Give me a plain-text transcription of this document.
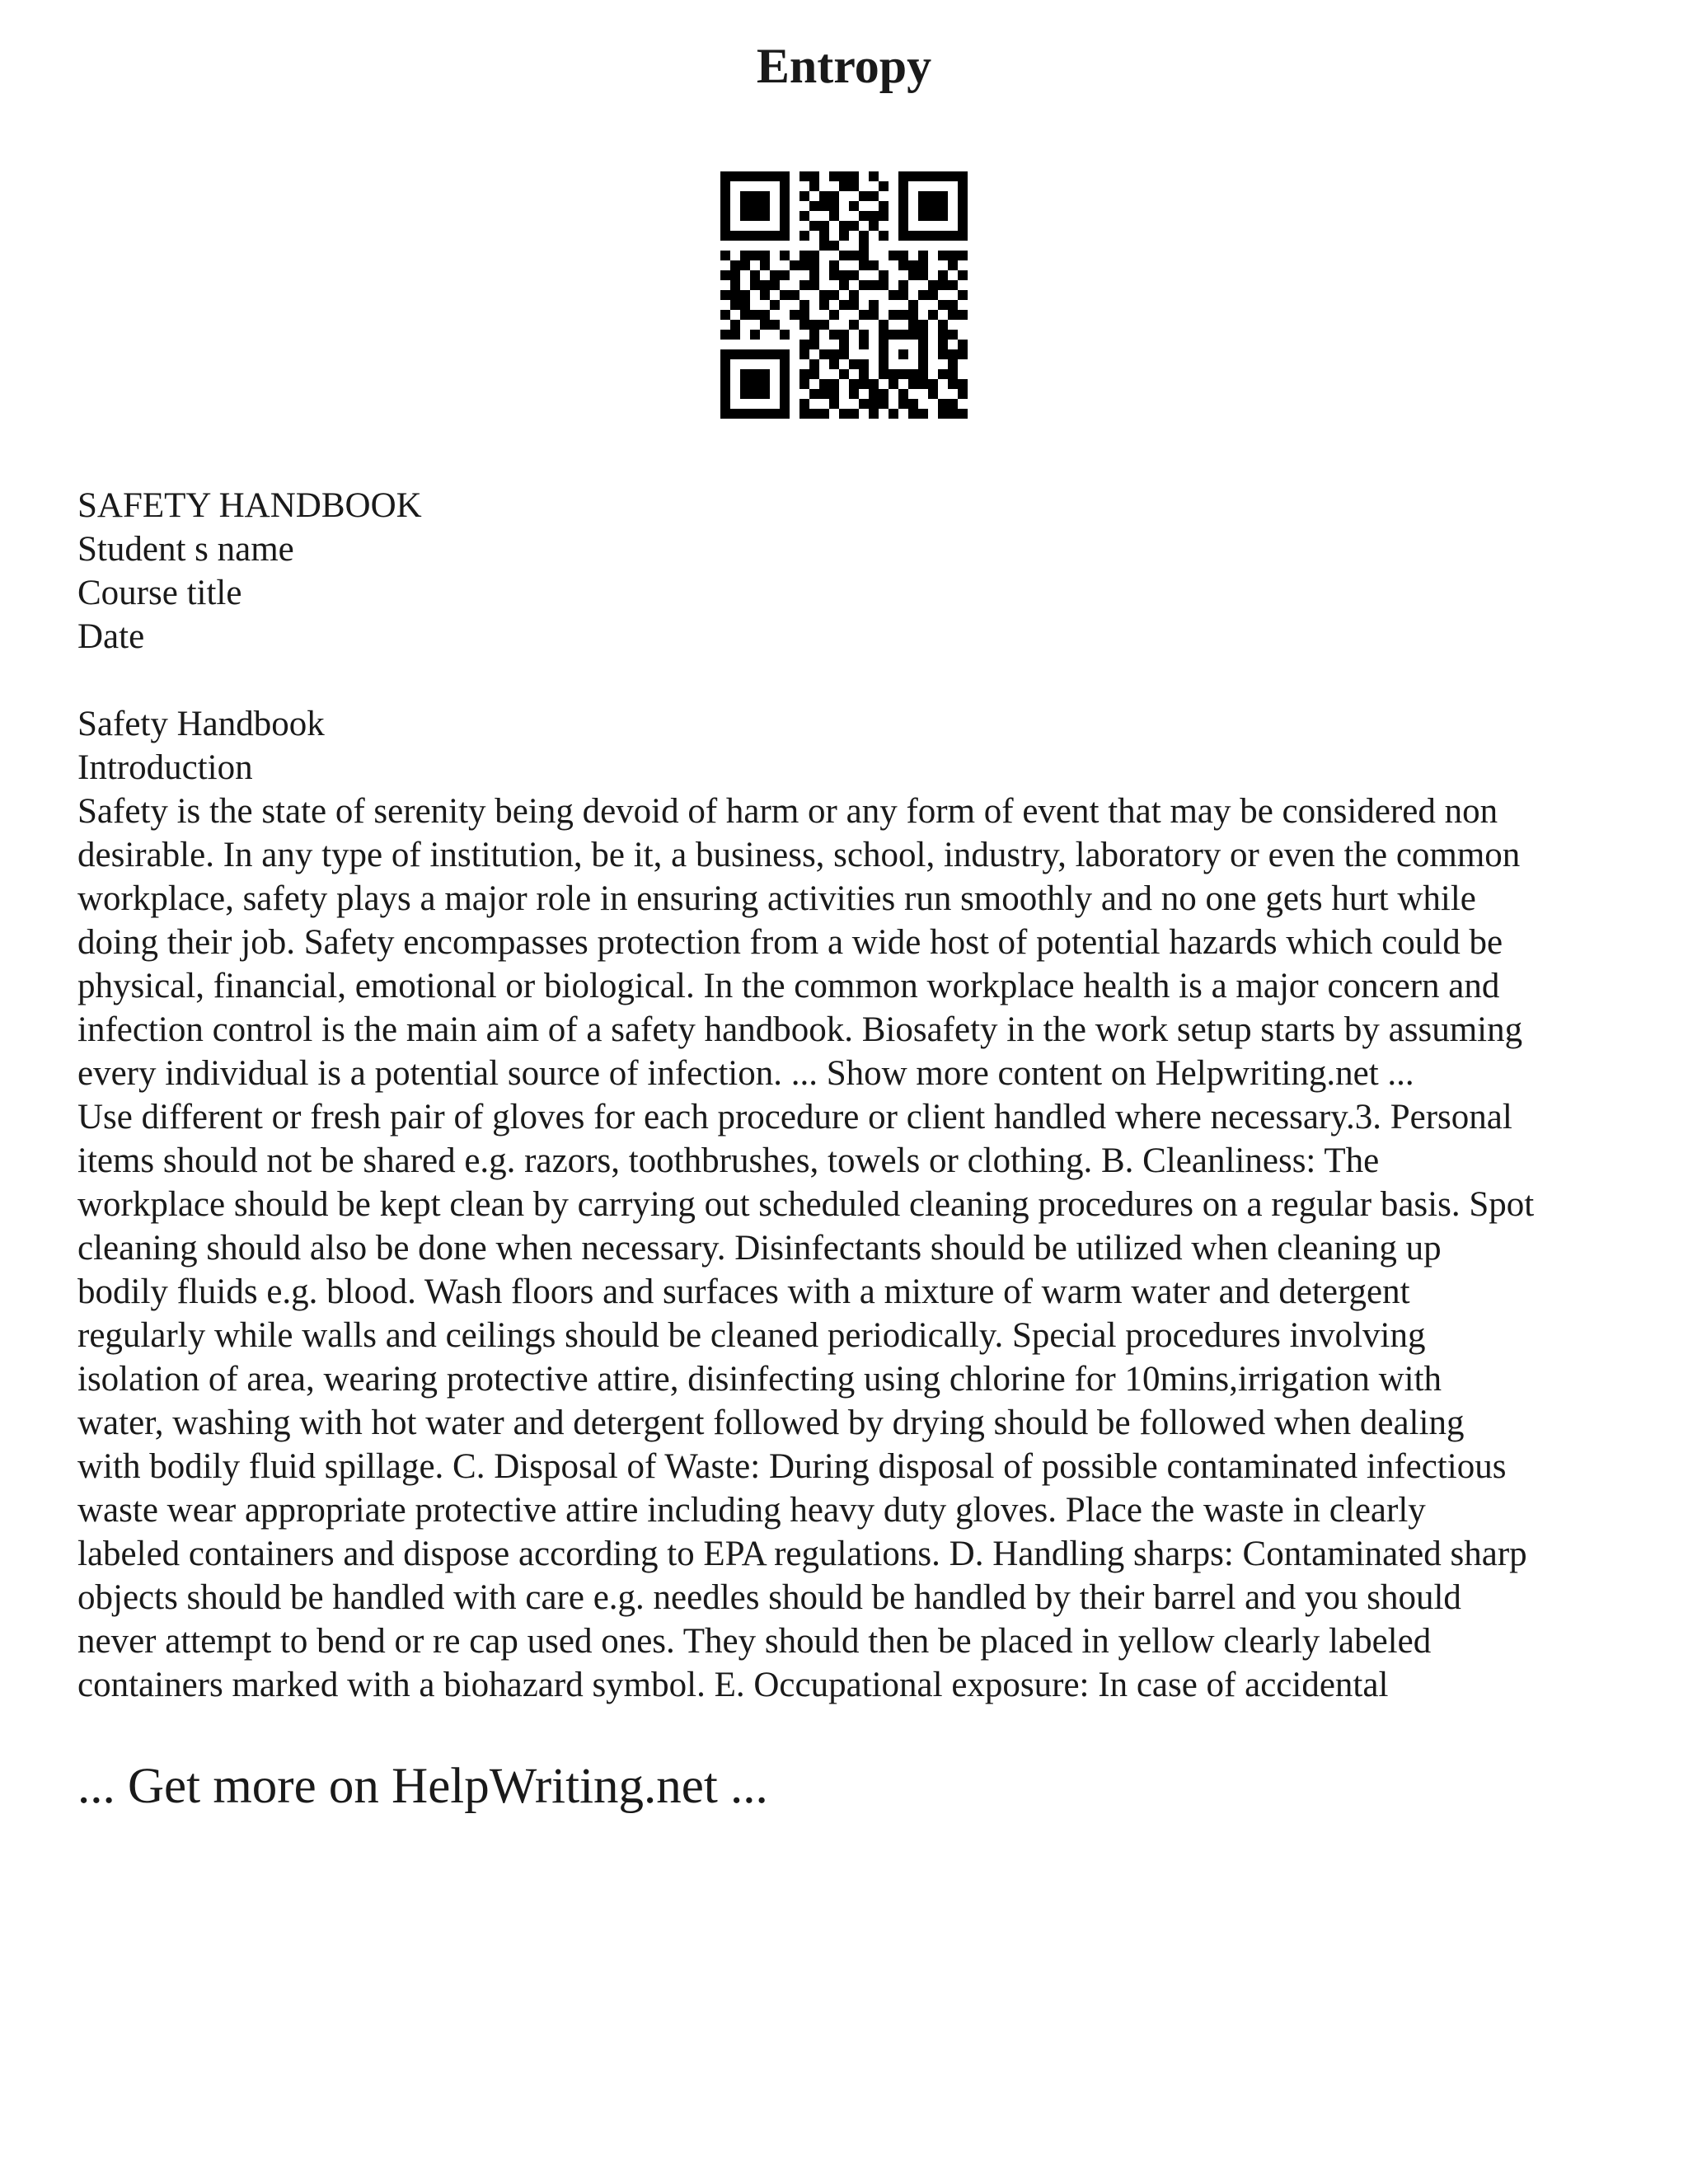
Entropy
SAFETY HANDBOOK
Student s name
Course title
Date
Safety Handbook
Introduction
Safety is the state of serenity being devoid of harm or any form of event that may be considered non
desirable. In any type of institution, be it, a business, school, industry, laboratory or even the common
workplace, safety plays a major role in ensuring activities run smoothly and no one gets hurt while
doing their job. Safety encompasses protection from a wide host of potential hazards which could be
physical, financial, emotional or biological. In the common workplace health is a major concern and
infection control is the main aim of a safety handbook. Biosafety in the work setup starts by assuming
every individual is a potential source of infection. ... Show more content on Helpwriting.net ...
Use different or fresh pair of gloves for each procedure or client handled where necessary.3. Personal
items should not be shared e.g. razors, toothbrushes, towels or clothing. B. Cleanliness: The
workplace should be kept clean by carrying out scheduled cleaning procedures on a regular basis. Spot
cleaning should also be done when necessary. Disinfectants should be utilized when cleaning up
bodily fluids e.g. blood. Wash floors and surfaces with a mixture of warm water and detergent
regularly while walls and ceilings should be cleaned periodically. Special procedures involving
isolation of area, wearing protective attire, disinfecting using chlorine for 10mins,irrigation with
water, washing with hot water and detergent followed by drying should be followed when dealing
with bodily fluid spillage. C. Disposal of Waste: During disposal of possible contaminated infectious
waste wear appropriate protective attire including heavy duty gloves. Place the waste in clearly
labeled containers and dispose according to EPA regulations. D. Handling sharps: Contaminated sharp
objects should be handled with care e.g. needles should be handled by their barrel and you should
never attempt to bend or re cap used ones. They should then be placed in yellow clearly labeled
containers marked with a biohazard symbol. E. Occupational exposure: In case of accidental
... Get more on HelpWriting.net ...
